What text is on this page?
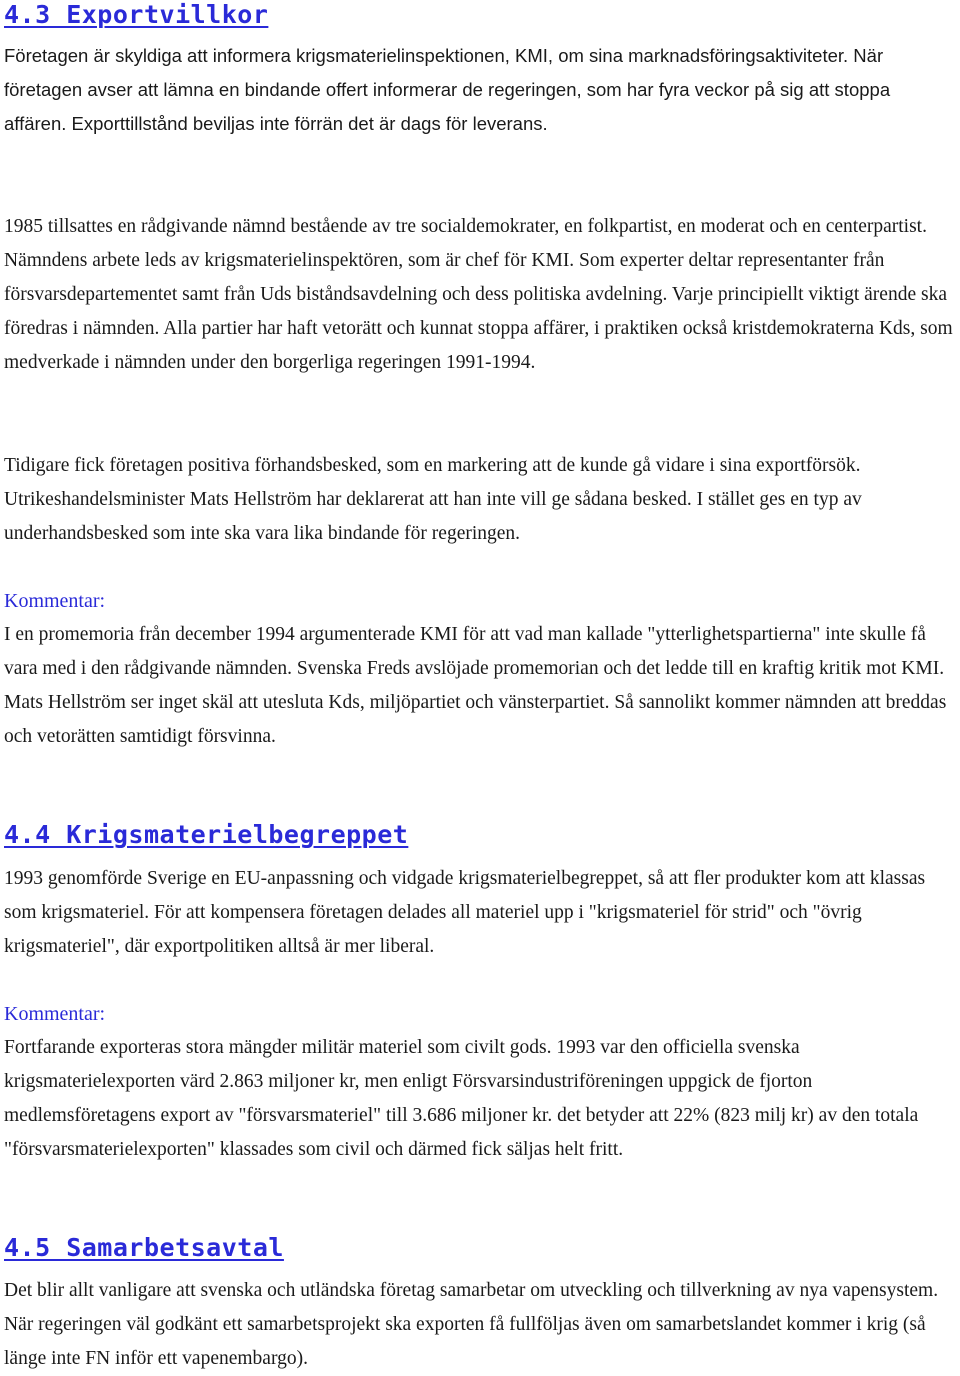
4.3 Exportvillkor

Företagen är skyldiga att informera krigsmaterielinspektionen, KMI, om sina marknadsföringsaktiviteter. När företagen avser att lämna en bindande offert informerar de regeringen, som har fyra veckor på sig att stoppa affären. Exporttillstånd beviljas inte förrän det är dags för leverans.

1985 tillsattes en rådgivande nämnd bestående av tre socialdemokrater, en folkpartist, en moderat och en centerpartist. Nämndens arbete leds av krigsmaterielinspektören, som är chef för KMI. Som experter deltar representanter från försvarsdepartementet samt från Uds biståndsavdelning och dess politiska avdelning. Varje principiellt viktigt ärende ska föredras i nämnden. Alla partier har haft vetorätt och kunnat stoppa affärer, i praktiken också kristdemokraterna Kds, som medverkade i nämnden under den borgerliga regeringen 1991-1994.

Tidigare fick företagen positiva förhandsbesked, som en markering att de kunde gå vidare i sina exportförsök. Utrikeshandelsminister Mats Hellström har deklarerat att han inte vill ge sådana besked. I stället ges en typ av underhandsbesked som inte ska vara lika bindande för regeringen.

Kommentar:

I en promemoria från december 1994 argumenterade KMI för att vad man kallade "ytterlighetspartierna" inte skulle få vara med i den rådgivande nämnden. Svenska Freds avslöjade promemorian och det ledde till en kraftig kritik mot KMI. Mats Hellström ser inget skäl att utesluta Kds, miljöpartiet och vänsterpartiet. Så sannolikt kommer nämnden att breddas och vetorätten samtidigt försvinna.

4.4 Krigsmaterielbegreppet

1993 genomförde Sverige en EU-anpassning och vidgade krigsmaterielbegreppet, så att fler produkter kom att klassas som krigsmateriel. För att kompensera företagen delades all materiel upp i "krigsmateriel för strid" och "övrig krigsmateriel", där exportpolitiken alltså är mer liberal.

Kommentar:

Fortfarande exporteras stora mängder militär materiel som civilt gods. 1993 var den officiella svenska krigsmaterielexporten värd 2.863 miljoner kr, men enligt Försvarsindustriföreningen uppgick de fjorton medlemsföretagens export av "försvarsmateriel" till 3.686 miljoner kr. det betyder att 22% (823 milj kr) av den totala "försvarsmaterielexporten" klassades som civil och därmed fick säljas helt fritt.

4.5 Samarbetsavtal

Det blir allt vanligare att svenska och utländska företag samarbetar om utveckling och tillverkning av nya vapensystem. När regeringen väl godkänt ett samarbetsprojekt ska exporten få fullföljas även om samarbetslandet kommer i krig (så länge inte FN inför ett vapenembargo).
